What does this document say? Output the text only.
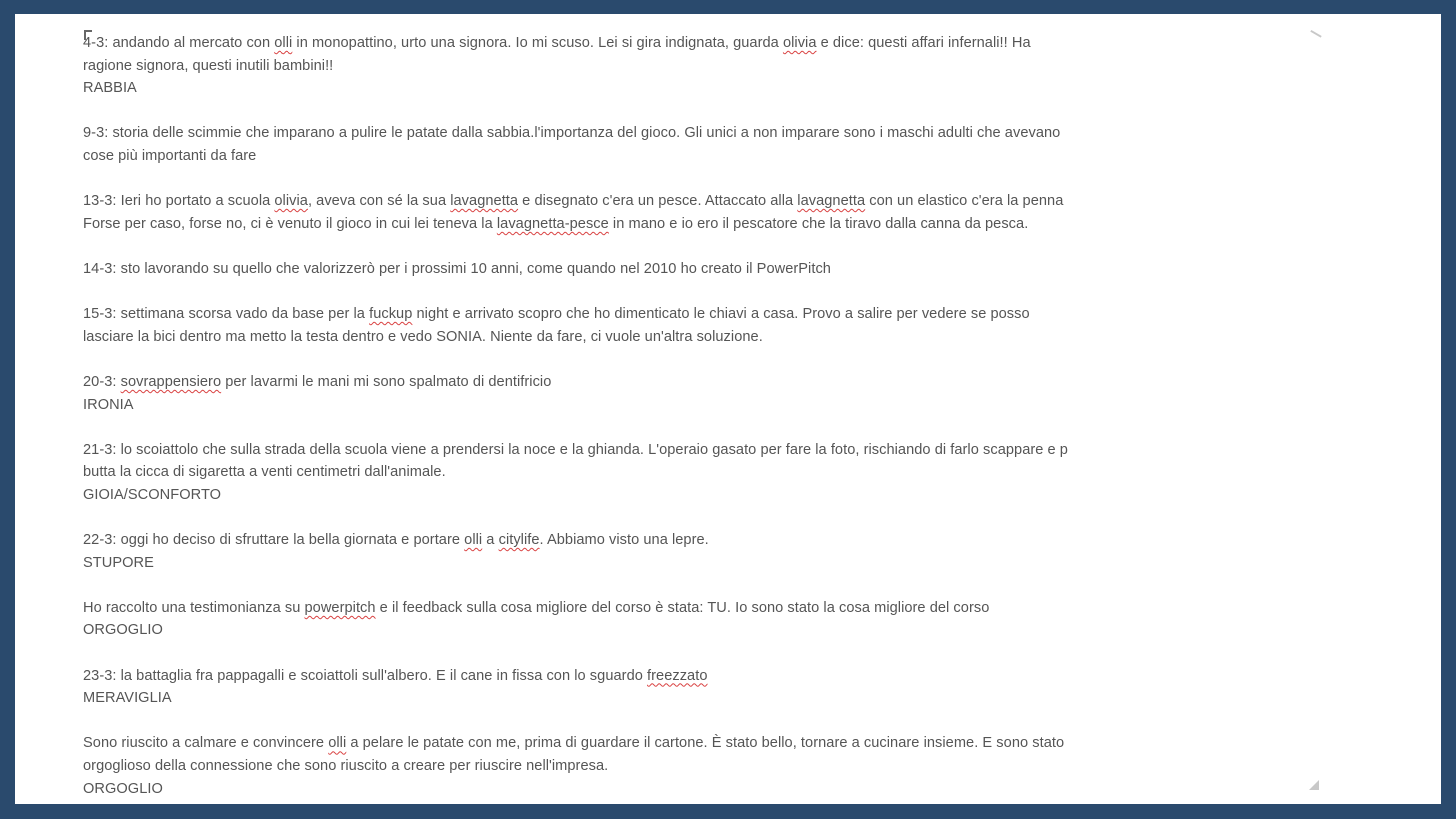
4-3: andando al mercato con olli in monopattino, urto una signora. Io mi scuso. Lei si gira indignata, guarda olivia e dice: questi affari infernali!! Ha
ragione signora, questi inutili bambini!!
RABBIA
9-3: storia delle scimmie che imparano a pulire le patate dalla sabbia.l'importanza del gioco. Gli unici a non imparare sono i maschi adulti che avevano
cose più importanti da fare
13-3: Ieri ho portato a scuola olivia, aveva con sé la sua lavagnetta e disegnato c'era un pesce. Attaccato alla lavagnetta con un elastico c'era la penna
Forse per caso, forse no, ci è venuto il gioco in cui lei teneva la lavagnetta-pesce in mano e io ero il pescatore che la tiravo dalla canna da pesca.
14-3: sto lavorando su quello che valorizzerò per i prossimi 10 anni, come quando nel 2010 ho creato il PowerPitch
15-3: settimana scorsa vado da base per la fuckup night e arrivato scopro che ho dimenticato le chiavi a casa. Provo a salire per vedere se posso
lasciare la bici dentro ma metto la testa dentro e vedo SONIA. Niente da fare, ci vuole un'altra soluzione.
20-3: sovrappensiero per lavarmi le mani mi sono spalmato di dentifricio
IRONIA
21-3: lo scoiattolo che sulla strada della scuola viene a prendersi la noce e la ghianda. L'operaio gasato per fare la foto, rischiando di farlo scappare e p
butta la cicca di sigaretta a venti centimetri dall'animale.
GIOIA/SCONFORTO
22-3: oggi ho deciso di sfruttare la bella giornata e portare olli a citylife. Abbiamo visto una lepre.
STUPORE
Ho raccolto una testimonianza su powerpitch e il feedback sulla cosa migliore del corso è stata: TU. Io sono stato la cosa migliore del corso
ORGOGLIO
23-3: la battaglia fra pappagalli e scoiattoli sull'albero. E il cane in fissa con lo sguardo freezzato
MERAVIGLIA
Sono riuscito a calmare e convincere olli a pelare le patate con me, prima di guardare il cartone. È stato bello, tornare a cucinare insieme. E sono stato
orgoglioso della connessione che sono riuscito a creare per riuscire nell'impresa.
ORGOGLIO
